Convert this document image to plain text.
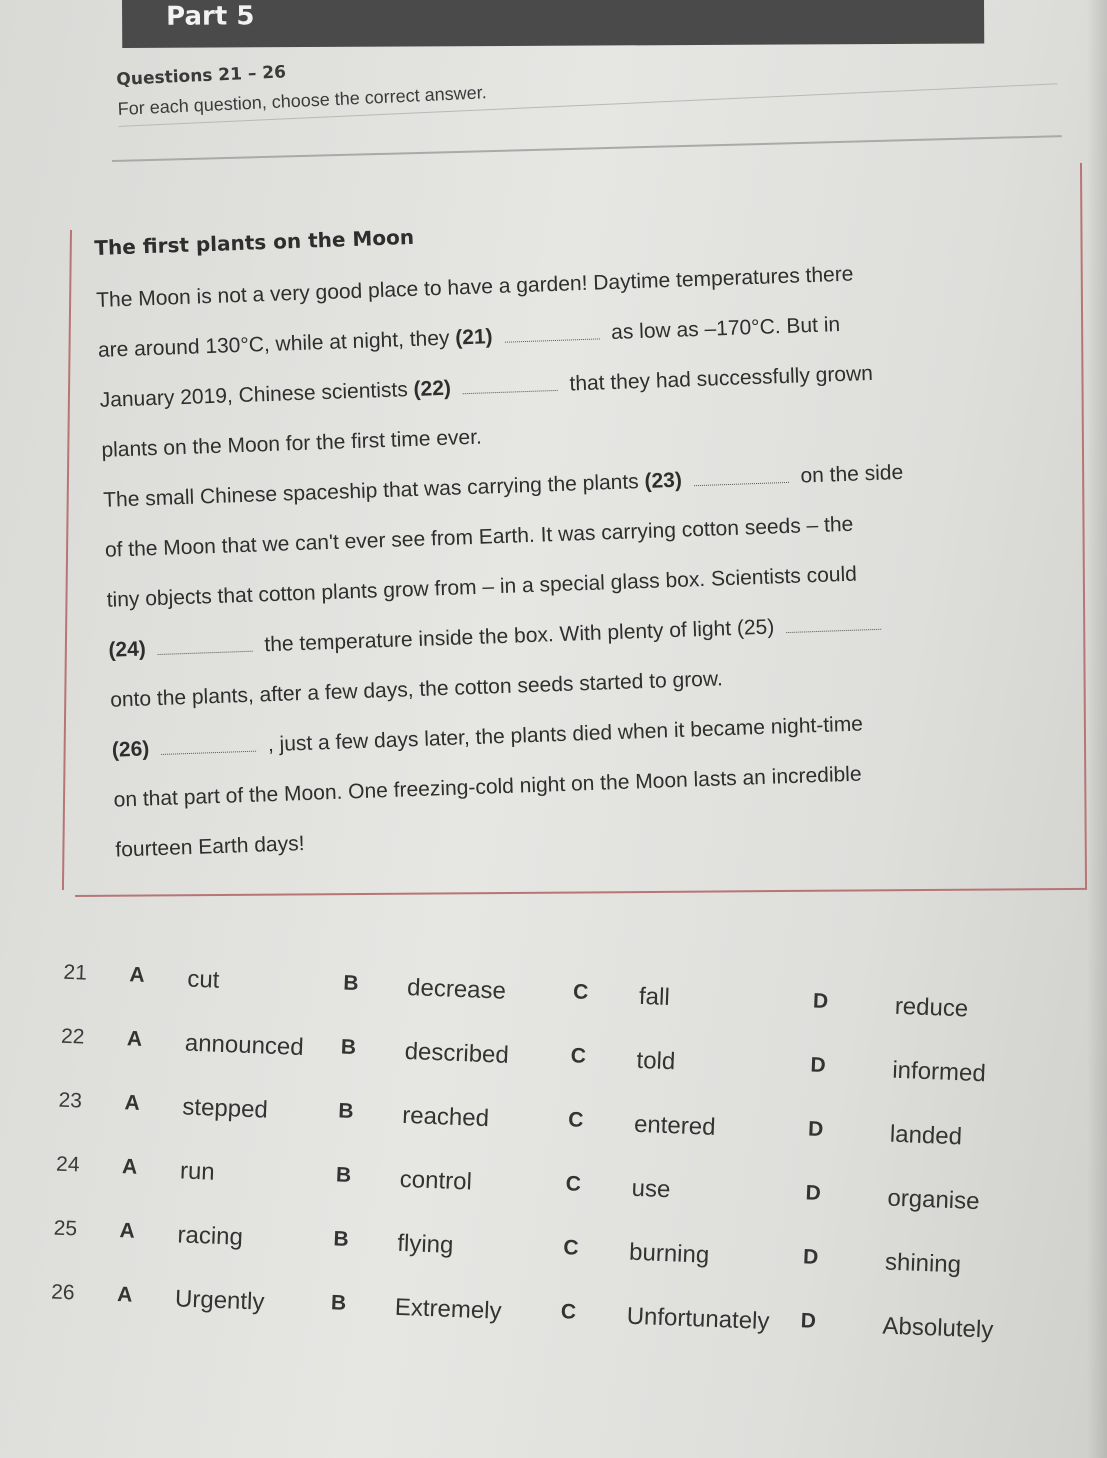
Part 5
Questions 21 – 26
For each question, choose the correct answer.
The first plants on the Moon
The Moon is not a very good place to have a garden! Daytime temperatures there
are around 130°C, while at night, they (21)	as low as –170°C. But in
January 2019, Chinese scientists (22)	that they had successfully grown
plants on the Moon for the first time ever.
The small Chinese spaceship that was carrying the plants (23)	on the side
of the Moon that we can't ever see from Earth. It was carrying cotton seeds – the
tiny objects that cotton plants grow from – in a special glass box. Scientists could
(24)	the temperature inside the box. With plenty of light (25)
onto the plants, after a few days, the cotton seeds started to grow.
(26)	, just a few days later, the plants died when it became night-time
on that part of the Moon. One freezing-cold night on the Moon lasts an incredible
fourteen Earth days!
21 A cut	B decrease	C fall	D	reduce
22 A announced B described	C told	D	informed
23 A stepped	B reached	C entered	D	landed
24 A run	B control	C use	D	organise
25 A racing	B flying	C burning	D	shining
26 A Urgently	B Extremely	C Unfortunately D	Absolutely
